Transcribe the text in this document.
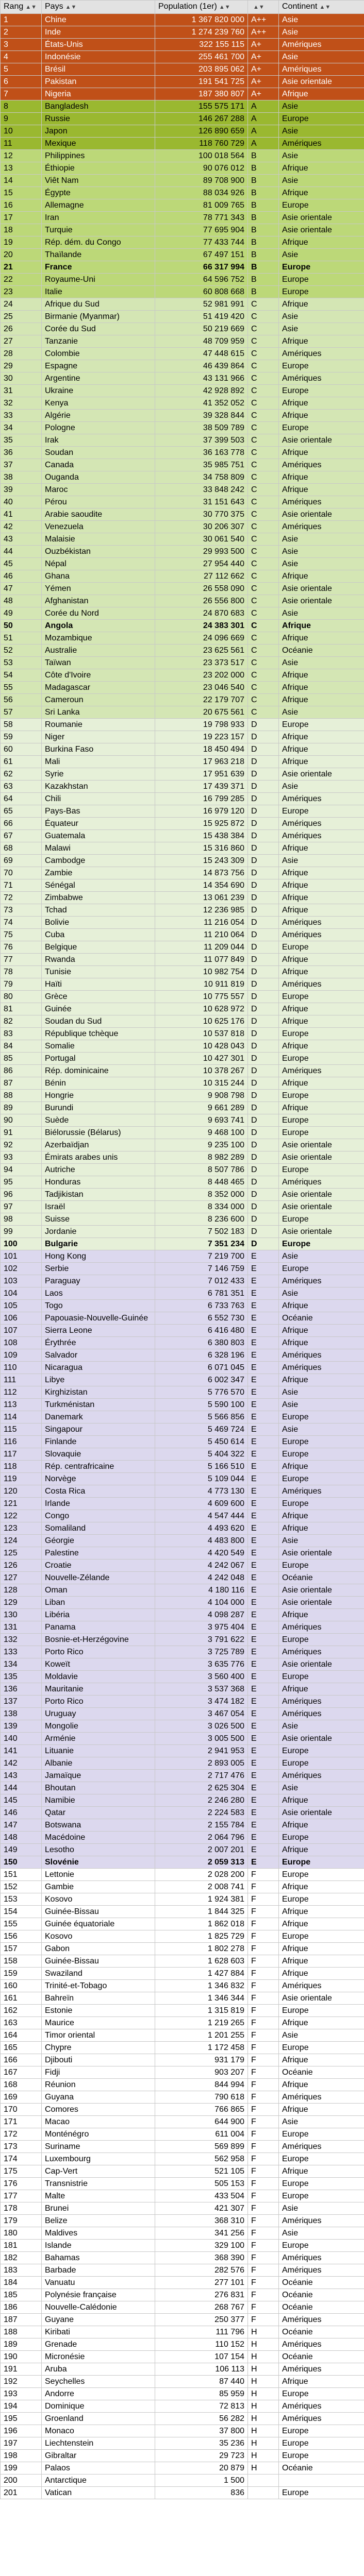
Rang ▲▼	Pays ▲▼	Population (1er) ▲▼	▲▼	Continent ▲▼
1	Chine	1 367 820 000	A++	Asie
2	Inde	1 274 239 760	A++	Asie
3	États-Unis	322 155 115	A+	Amériques
4	Indonésie	255 461 700	A+	Asie
5	Brésil	203 895 062	A+	Amériques
6	Pakistan	191 541 725	A+	Asie orientale
7	Nigeria	187 380 807	A+	Afrique
8	Bangladesh	155 575 171	A	Asie
9	Russie	146 267 288	A	Europe
10	Japon	126 890 659	A	Asie
11	Mexique	118 760 729	A	Amériques
12	Philippines	100 018 564	B	Asie
13	Éthiopie	90 076 012	B	Afrique
14	Viêt Nam	89 708 900	B	Asie
15	Égypte	88 034 926	B	Afrique
16	Allemagne	81 009 765	B	Europe
17	Iran	78 771 343	B	Asie orientale
18	Turquie	77 695 904	B	Asie orientale
19	Rép. dém. du Congo	77 433 744	B	Afrique
20	Thaïlande	67 497 151	B	Asie
21	France	66 317 994	B	Europe
22	Royaume-Uni	64 596 752	B	Europe
23	Italie	60 808 668	B	Europe
24	Afrique du Sud	52 981 991	C	Afrique
25	Birmanie (Myanmar)	51 419 420	C	Asie
26	Corée du Sud	50 219 669	C	Asie
27	Tanzanie	48 709 959	C	Afrique
28	Colombie	47 448 615	C	Amériques
29	Espagne	46 439 864	C	Europe
30	Argentine	43 131 966	C	Amériques
31	Ukraine	42 928 892	C	Europe
32	Kenya	41 352 052	C	Afrique
33	Algérie	39 328 844	C	Afrique
34	Pologne	38 509 789	C	Europe
35	Irak	37 399 503	C	Asie orientale
36	Soudan	36 163 778	C	Afrique
37	Canada	35 985 751	C	Amériques
38	Ouganda	34 758 809	C	Afrique
39	Maroc	33 848 242	C	Afrique
40	Pérou	31 151 643	C	Amériques
41	Arabie saoudite	30 770 375	C	Asie orientale
42	Venezuela	30 206 307	C	Amériques
43	Malaisie	30 061 540	C	Asie
44	Ouzbékistan	29 993 500	C	Asie
45	Népal	27 954 440	C	Asie
46	Ghana	27 112 662	C	Afrique
47	Yémen	26 558 090	C	Asie orientale
48	Afghanistan	26 556 800	C	Asie orientale
49	Corée du Nord	24 870 683	C	Asie
50	Angola	24 383 301	C	Afrique
51	Mozambique	24 096 669	C	Afrique
52	Australie	23 625 561	C	Océanie
53	Taïwan	23 373 517	C	Asie
54	Côte d'Ivoire	23 202 000	C	Afrique
55	Madagascar	23 046 540	C	Afrique
56	Cameroun	22 179 707	C	Afrique
57	Sri Lanka	20 675 561	C	Asie
58	Roumanie	19 798 933	D	Europe
59	Niger	19 223 157	D	Afrique
60	Burkina Faso	18 450 494	D	Afrique
61	Mali	17 963 218	D	Afrique
62	Syrie	17 951 639	D	Asie orientale
63	Kazakhstan	17 439 371	D	Asie
64	Chili	16 799 285	D	Amériques
65	Pays-Bas	16 979 120	D	Europe
66	Équateur	15 925 872	D	Amériques
67	Guatemala	15 438 384	D	Amériques
68	Malawi	15 316 860	D	Afrique
69	Cambodge	15 243 309	D	Asie
70	Zambie	14 873 756	D	Afrique
71	Sénégal	14 354 690	D	Afrique
72	Zimbabwe	13 061 239	D	Afrique
73	Tchad	12 236 985	D	Afrique
74	Bolivie	11 216 054	D	Amériques
75	Cuba	11 210 064	D	Amériques
76	Belgique	11 209 044	D	Europe
77	Rwanda	11 077 849	D	Afrique
78	Tunisie	10 982 754	D	Afrique
79	Haïti	10 911 819	D	Amériques
80	Grèce	10 775 557	D	Europe
81	Guinée	10 628 972	D	Afrique
82	Soudan du Sud	10 625 176	D	Afrique
83	République tchèque	10 537 818	D	Europe
84	Somalie	10 428 043	D	Afrique
85	Portugal	10 427 301	D	Europe
86	Rép. dominicaine	10 378 267	D	Amériques
87	Bénin	10 315 244	D	Afrique
88	Hongrie	9 908 798	D	Europe
89	Burundi	9 661 289	D	Afrique
90	Suède	9 693 741	D	Europe
91	Biélorussie (Bélarus)	9 468 100	D	Europe
92	Azerbaïdjan	9 235 100	D	Asie orientale
93	Émirats arabes unis	8 982 289	D	Asie orientale
94	Autriche	8 507 786	D	Europe
95	Honduras	8 448 465	D	Amériques
96	Tadjikistan	8 352 000	D	Asie orientale
97	Israël	8 334 000	D	Asie orientale
98	Suisse	8 236 600	D	Europe
99	Jordanie	7 502 183	D	Asie orientale
100	Bulgarie	7 351 234	D	Europe
101	Hong Kong	7 219 700	E	Asie
102	Serbie	7 146 759	E	Europe
103	Paraguay	7 012 433	E	Amériques
104	Laos	6 781 351	E	Asie
105	Togo	6 733 763	E	Afrique
106	Papouasie-Nouvelle-Guinée	6 552 730	E	Océanie
107	Sierra Leone	6 416 480	E	Afrique
108	Érythrée	6 380 803	E	Afrique
109	Salvador	6 328 196	E	Amériques
110	Nicaragua	6 071 045	E	Amériques
111	Libye	6 002 347	E	Afrique
112	Kirghizistan	5 776 570	E	Asie
113	Turkménistan	5 590 100	E	Asie
114	Danemark	5 566 856	E	Europe
115	Singapour	5 469 724	E	Asie
116	Finlande	5 450 614	E	Europe
117	Slovaquie	5 404 322	E	Europe
118	Rép. centrafricaine	5 166 510	E	Afrique
119	Norvège	5 109 044	E	Europe
120	Costa Rica	4 773 130	E	Amériques
121	Irlande	4 609 600	E	Europe
122	Congo	4 547 444	E	Afrique
123	Somaliland	4 493 620	E	Afrique
124	Géorgie	4 483 800	E	Asie
125	Palestine	4 420 549	E	Asie orientale
126	Croatie	4 242 067	E	Europe
127	Nouvelle-Zélande	4 242 048	E	Océanie
128	Oman	4 180 116	E	Asie orientale
129	Liban	4 104 000	E	Asie orientale
130	Libéria	4 098 287	E	Afrique
131	Panama	3 975 404	E	Amériques
132	Bosnie-et-Herzégovine	3 791 622	E	Europe
133	Porto Rico	3 725 789	E	Amériques
134	Koweït	3 635 776	E	Asie orientale
135	Moldavie	3 560 400	E	Europe
136	Mauritanie	3 537 368	E	Afrique
137	Porto Rico	3 474 182	E	Amériques
138	Uruguay	3 467 054	E	Amériques
139	Mongolie	3 026 500	E	Asie
140	Arménie	3 005 500	E	Asie orientale
141	Lituanie	2 941 953	E	Europe
142	Albanie	2 893 005	E	Europe
143	Jamaïque	2 717 476	E	Amériques
144	Bhoutan	2 625 304	E	Asie
145	Namibie	2 246 280	E	Afrique
146	Qatar	2 224 583	E	Asie orientale
147	Botswana	2 155 784	E	Afrique
148	Macédoine	2 064 796	E	Europe
149	Lesotho	2 007 201	E	Afrique
150	Slovénie	2 059 313	E	Europe
151	Lettonie	2 028 200	F	Europe
152	Gambie	2 008 741	F	Afrique
153	Kosovo	1 924 381	F	Europe
154	Guinée-Bissau	1 844 325	F	Afrique
155	Guinée équatoriale	1 862 018	F	Afrique
156	Kosovo	1 825 729	F	Europe
157	Gabon	1 802 278	F	Afrique
158	Guinée-Bissau	1 628 603	F	Afrique
159	Swaziland	1 427 884	F	Afrique
160	Trinité-et-Tobago	1 346 832	F	Amériques
161	Bahreïn	1 346 344	F	Asie orientale
162	Estonie	1 315 819	F	Europe
163	Maurice	1 219 265	F	Afrique
164	Timor oriental	1 201 255	F	Asie
165	Chypre	1 172 458	F	Europe
166	Djibouti	931 179	F	Afrique
167	Fidji	903 207	F	Océanie
168	Réunion	844 994	F	Afrique
169	Guyana	790 618	F	Amériques
170	Comores	766 865	F	Afrique
171	Macao	644 900	F	Asie
172	Monténégro	611 004	F	Europe
173	Suriname	569 899	F	Amériques
174	Luxembourg	562 958	F	Europe
175	Cap-Vert	521 105	F	Afrique
176	Transnistrie	505 153	F	Europe
177	Malte	433 504	F	Europe
178	Brunei	421 307	F	Asie
179	Belize	368 310	F	Amériques
180	Maldives	341 256	F	Asie
181	Islande	329 100	F	Europe
182	Bahamas	368 390	F	Amériques
183	Barbade	282 576	F	Amériques
184	Vanuatu	277 101	F	Océanie
185	Polynésie française	276 831	F	Océanie
186	Nouvelle-Calédonie	268 767	F	Océanie
187	Guyane	250 377	F	Amériques
188	Kiribati	111 796	H	Océanie
189	Grenade	110 152	H	Amériques
190	Micronésie	107 154	H	Océanie
191	Aruba	106 113	H	Amériques
192	Seychelles	87 440	H	Afrique
193	Andorre	85 959	H	Europe
194	Dominique	72 813	H	Amériques
195	Groenland	56 282	H	Amériques
196	Monaco	37 800	H	Europe
197	Liechtenstein	35 236	H	Europe
198	Gibraltar	29 723	H	Europe
199	Palaos	20 879	H	Océanie
200	Antarctique	1 500		
201	Vatican	836		Europe
